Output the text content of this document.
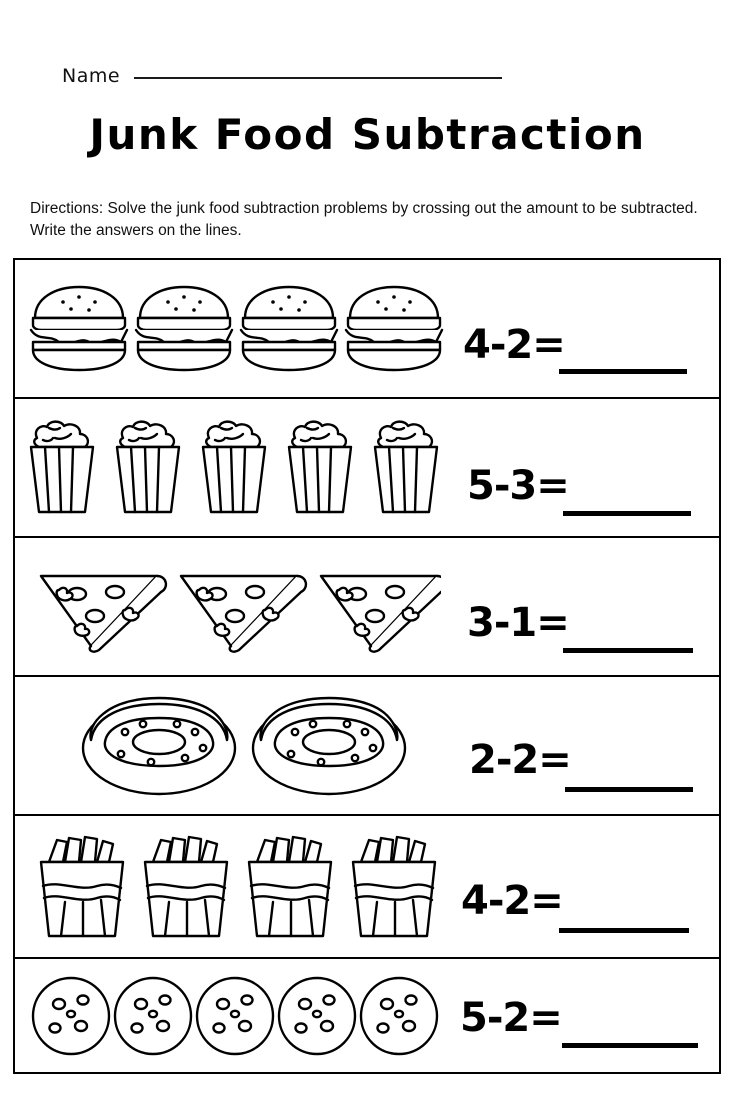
Name
Junk Food Subtraction
Directions: Solve the junk food subtraction problems by crossing out the amount to be subtracted. Write the answers on the lines.
4-2=
5-3=
3-1=
2-2=
4-2=
5-2=
